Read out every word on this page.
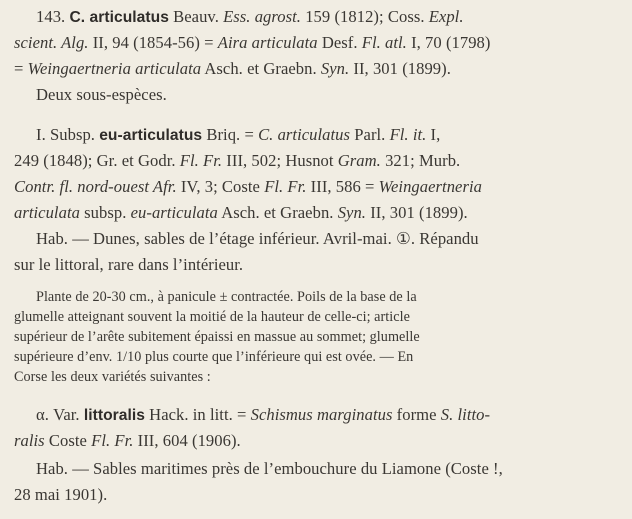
143. C. articulatus Beauv. Ess. agrost. 159 (1812); Coss. Expl.
scient. Alg. II, 94 (1854-56) = Aira articulata Desf. Fl. atl. I, 70 (1798)
= Weingaertneria articulata Asch. et Graebn. Syn. II, 301 (1899).
Deux sous-espèces.
I. Subsp. eu-articulatus Briq. = C. articulatus Parl. Fl. it. I,
249 (1848); Gr. et Godr. Fl. Fr. III, 502; Husnot Gram. 321; Murb.
Contr. fl. nord-ouest Afr. IV, 3; Coste Fl. Fr. III, 586 = Weingaertneria
articulata subsp. eu-articulata Asch. et Graebn. Syn. II, 301 (1899).
Hab. — Dunes, sables de l’étage inférieur. Avril-mai. ①. Répandu
sur le littoral, rare dans l’intérieur.
Plante de 20-30 cm., à panicule ± contractée. Poils de la base de la
glumelle atteignant souvent la moitié de la hauteur de celle-ci; article
supérieur de l’arête subitement épaissi en massue au sommet; glumelle
supérieure d’env. 1/10 plus courte que l’inférieure qui est ovée. — En
Corse les deux variétés suivantes :
α. Var. littoralis Hack. in litt. = Schismus marginatus forme S. litto-
ralis Coste Fl. Fr. III, 604 (1906).
Hab. — Sables maritimes près de l’embouchure du Liamone (Coste !,
28 mai 1901).
